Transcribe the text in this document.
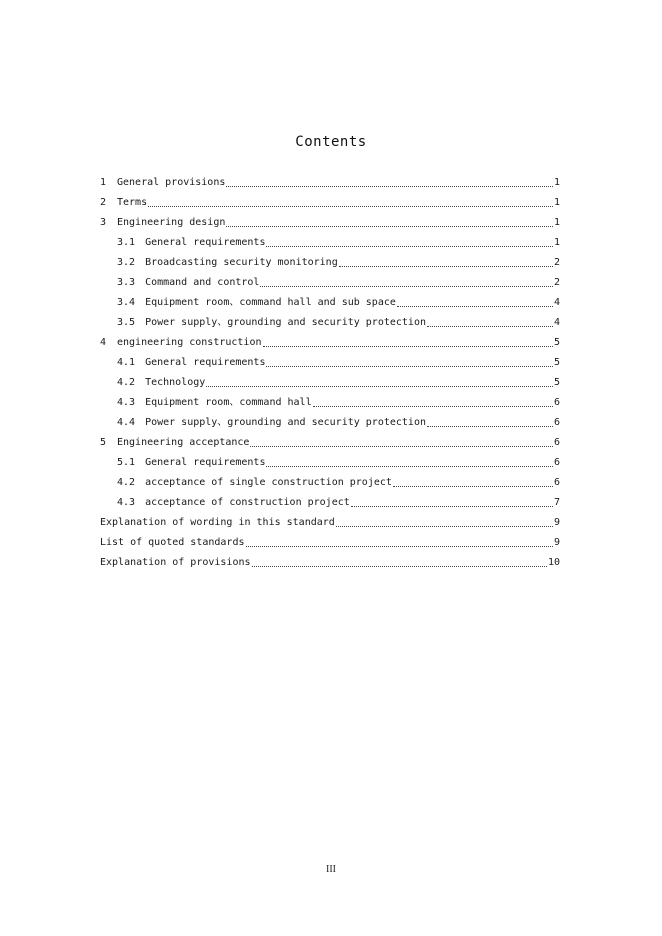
Contents
1	General provisions	1
2	Terms	1
3	Engineering design	1
3.1 General requirements	1
3.2 Broadcasting security monitoring	2
3.3 Command and control	2
3.4 Equipment room、command hall and sub space	4
3.5 Power supply、grounding and security protection	4
4	engineering construction	5
4.1 General requirements	5
4.2 Technology	5
4.3 Equipment room、command hall	6
4.4 Power supply、grounding and security protection	6
5	Engineering acceptance	6
5.1 General requirements	6
4.2 acceptance of single construction project	6
4.3 acceptance of construction project	7
Explanation of wording in this standard	9
List of quoted standards	9
Explanation of provisions	10
III
